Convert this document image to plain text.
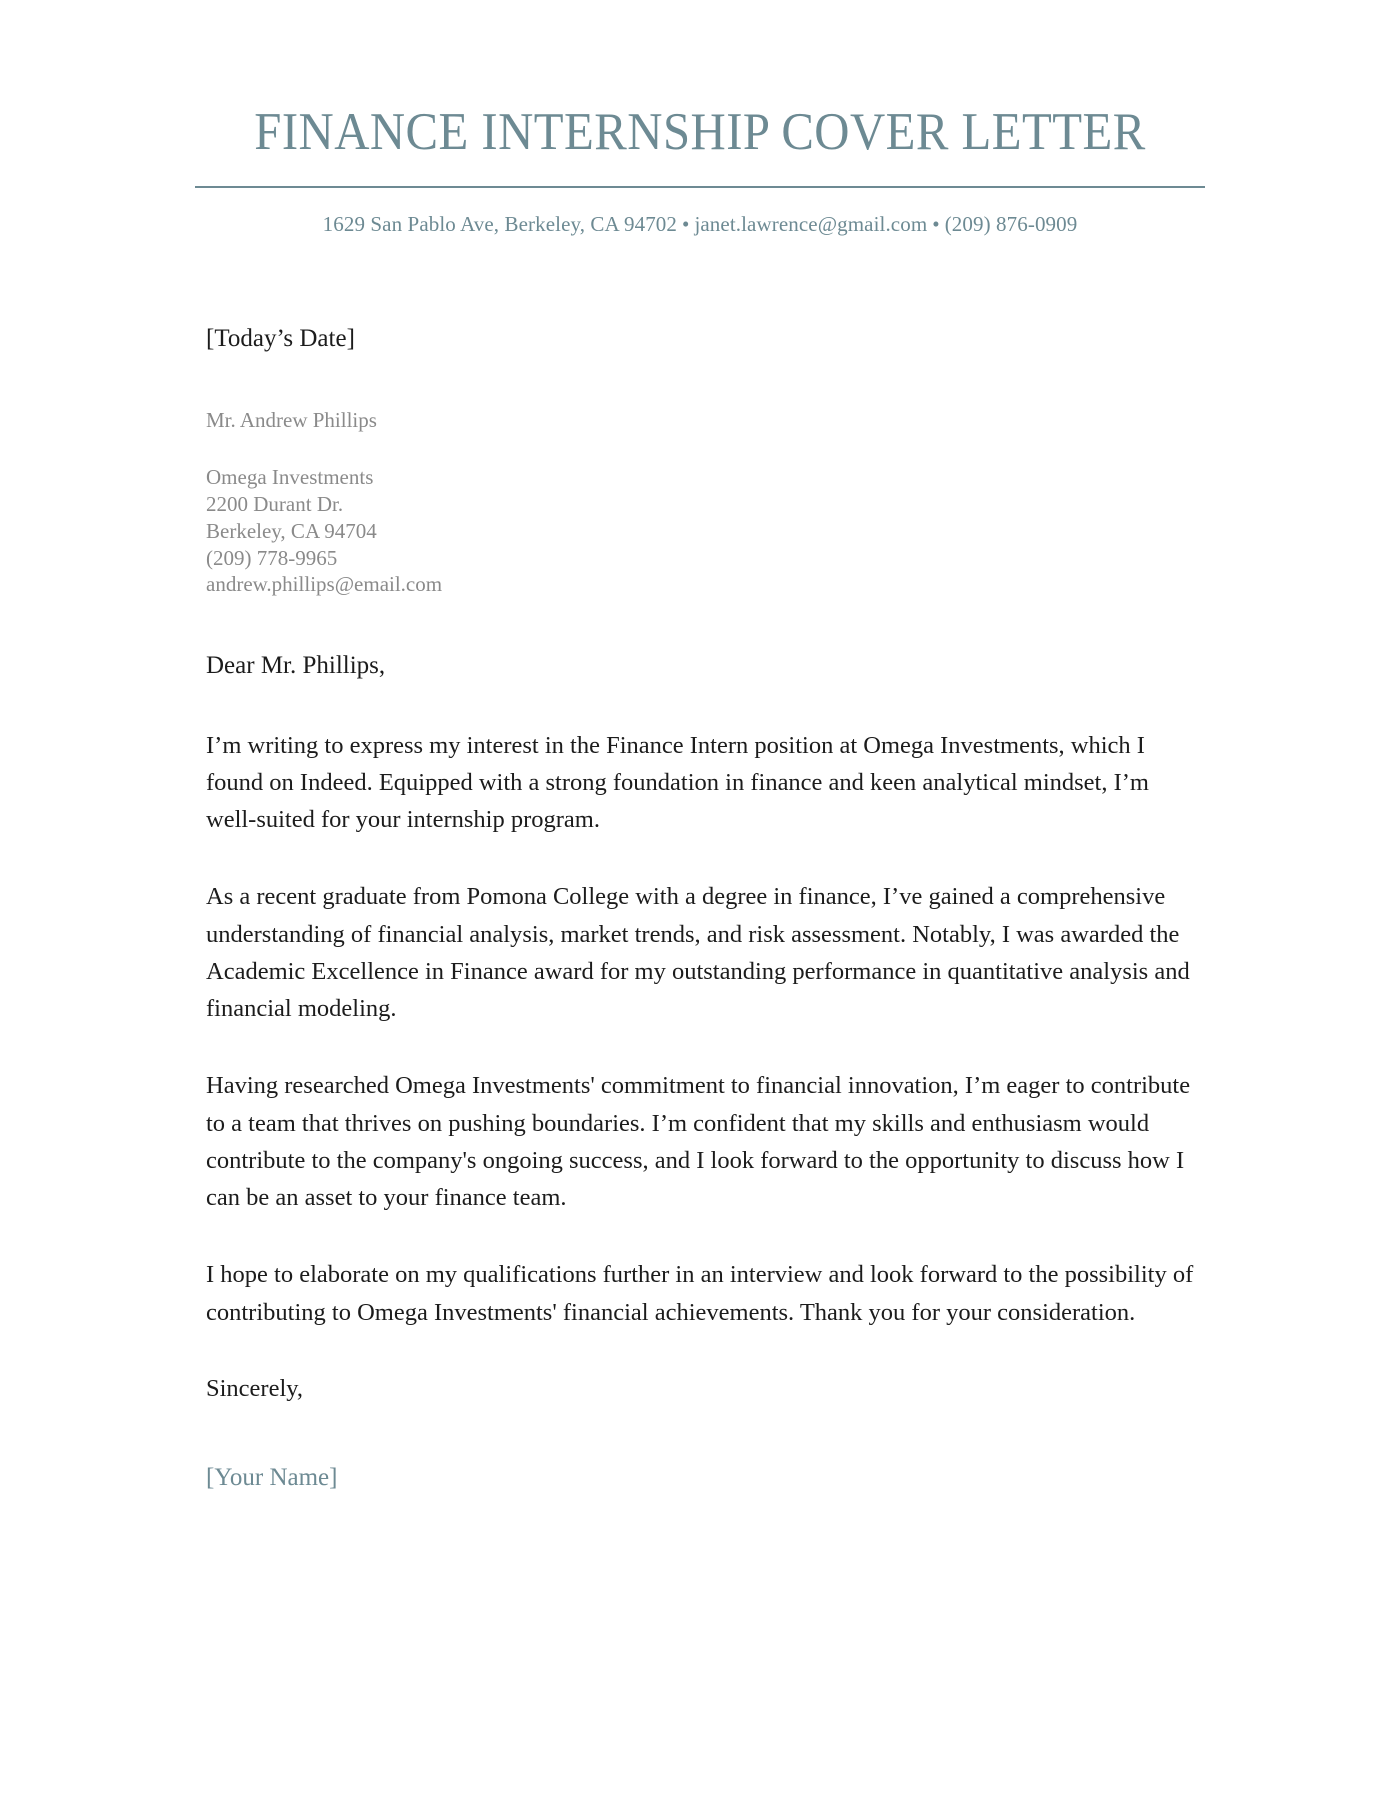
FINANCE INTERNSHIP COVER LETTER
1629 San Pablo Ave, Berkeley, CA 94702 • janet.lawrence@gmail.com • (209) 876-0909

[Today’s Date]

Mr. Andrew Phillips
Omega Investments
2200 Durant Dr.
Berkeley, CA 94704
(209) 778-9965
andrew.phillips@email.com

Dear Mr. Phillips,

I’m writing to express my interest in the Finance Intern position at Omega Investments, which I found on Indeed. Equipped with a strong foundation in finance and keen analytical mindset, I’m well-suited for your internship program.

As a recent graduate from Pomona College with a degree in finance, I’ve gained a comprehensive understanding of financial analysis, market trends, and risk assessment. Notably, I was awarded the Academic Excellence in Finance award for my outstanding performance in quantitative analysis and financial modeling.

Having researched Omega Investments' commitment to financial innovation, I’m eager to contribute to a team that thrives on pushing boundaries. I’m confident that my skills and enthusiasm would contribute to the company's ongoing success, and I look forward to the opportunity to discuss how I can be an asset to your finance team.

I hope to elaborate on my qualifications further in an interview and look forward to the possibility of contributing to Omega Investments' financial achievements. Thank you for your consideration.

Sincerely,

[Your Name]
